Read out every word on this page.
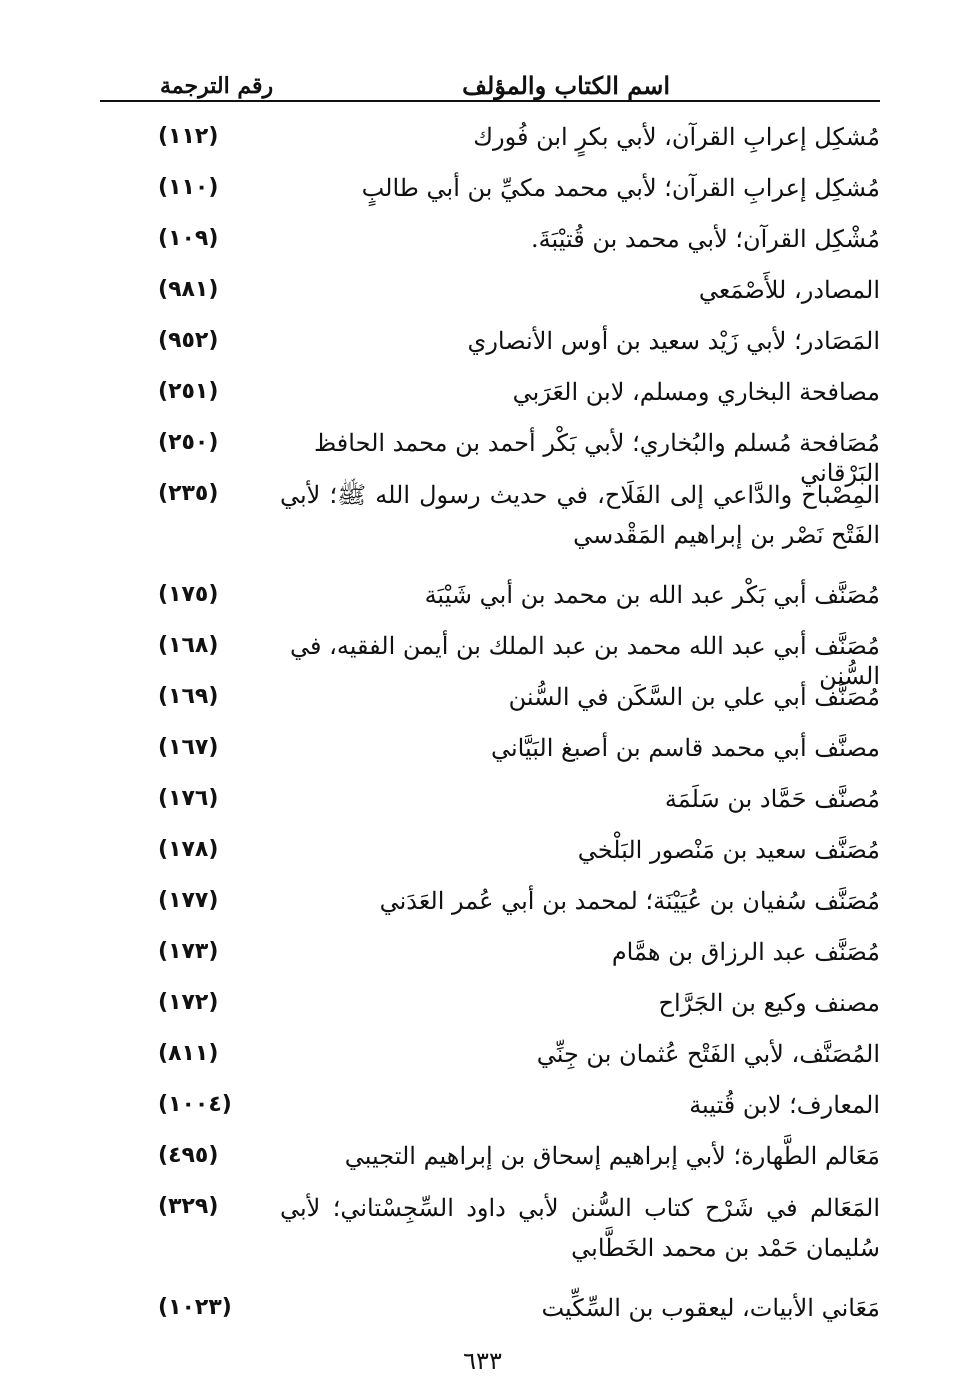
اسم الكتاب والمؤلف
رقم الترجمة
مُشكِل إعرابِ القرآن، لأبي بكرٍ ابن فُورك
(١١٢)
مُشكِل إعرابِ القرآن؛ لأبي محمد مكيِّ بن أبي طالبٍ
(١١٠)
مُشْكِل القرآن؛ لأبي محمد بن قُتيْبَةَ.
(١٠٩)
المصادر، للأَصْمَعي
(٩٨١)
المَصَادر؛ لأبي زَيْد سعيد بن أوس الأنصاري
(٩٥٢)
مصافحة البخاري ومسلم، لابن العَرَبي
(٢٥١)
مُصَافحة مُسلم والبُخاري؛ لأبي بَكْر أحمد بن محمد الحافظ البَرْقاني
(٢٥٠)
المِصْباح والدَّاعي إلى الفَلَاح، في حديث رسول الله ﷺ؛ لأبي الفَتْح نَصْر بن إبراهيم المَقْدسي
(٢٣٥)
مُصَنَّف أبي بَكْر عبد الله بن محمد بن أبي شَيْبَة
(١٧٥)
مُصَنَّف أبي عبد الله محمد بن عبد الملك بن أيمن الفقيه، في السُّنن
(١٦٨)
مُصَنَّف أبي علي بن السَّكَن في السُّنن
(١٦٩)
مصنَّف أبي محمد قاسم بن أصبغ البَيَّاني
(١٦٧)
مُصنَّف حَمَّاد بن سَلَمَة
(١٧٦)
مُصَنَّف سعيد بن مَنْصور البَلْخي
(١٧٨)
مُصَنَّف سُفيان بن عُيَيْنَة؛ لمحمد بن أبي عُمر العَدَني
(١٧٧)
مُصَنَّف عبد الرزاق بن همَّام
(١٧٣)
مصنف وكيع بن الجَرَّاح
(١٧٢)
المُصَنَّف، لأبي الفَتْح عُثمان بن جِنِّي
(٨١١)
المعارف؛ لابن قُتيبة
(١٠٠٤)
مَعَالم الطَّهارة؛ لأبي إبراهيم إسحاق بن إبراهيم التجيبي
(٤٩٥)
المَعَالم في شَرْح كتاب السُّنن لأبي داود السِّجِسْتاني؛ لأبي سُليمان حَمْد بن محمد الخَطَّابي
(٣٢٩)
مَعَاني الأبيات، ليعقوب بن السِّكِّيت
(١٠٢٣)
٦٣٣
